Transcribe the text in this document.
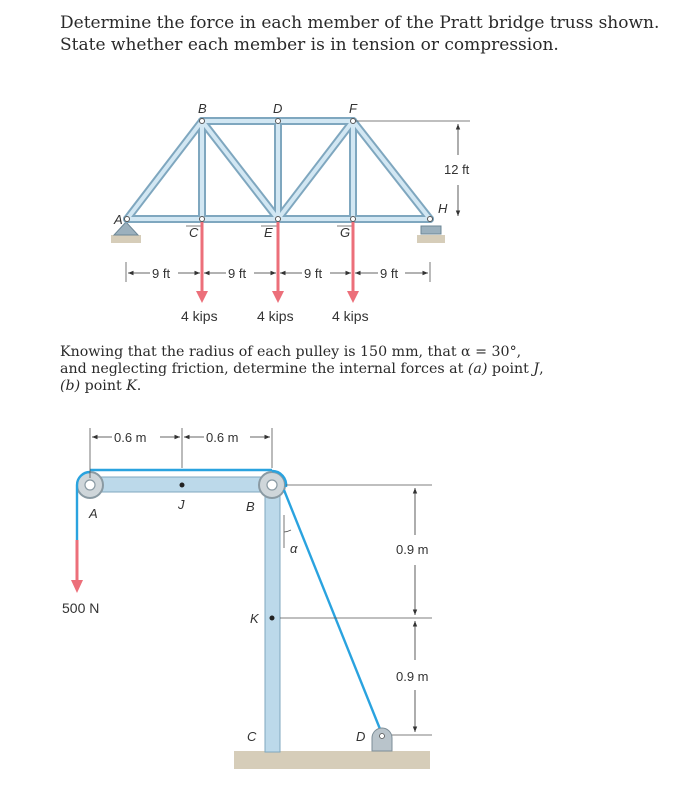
Determine the force in each member of the Pratt bridge truss shown. State whether each member is in tension or compression.

A
B
C
D
E
F
G
H
12 ft
9 ft	9 ft	9 ft	9 ft
4 kips	4 kips	4 kips
500 N
J
K
A	B
C	D
α
0.6 m	0.6 m
0.9 m
0.9 m

Knowing that the radius of each pulley is 150 mm, that α = 30°,
and neglecting friction, determine the internal forces at (a) point J,
(b) point K.
